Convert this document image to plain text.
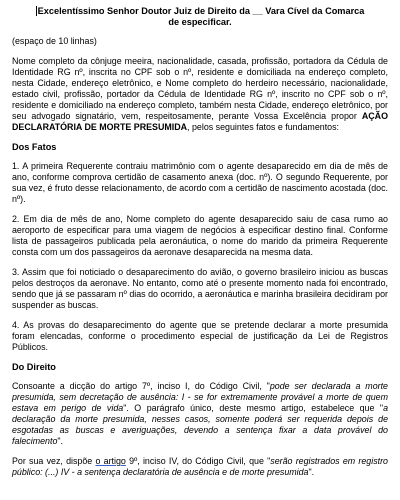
Excelentíssimo Senhor Doutor Juiz de Direito da __ Vara Cível da Comarca
de especificar.

(espaço de 10 linhas)

Nome completo da cônjuge meeira, nacionalidade, casada, profissão, portadora da Cédula de Identidade RG nº, inscrita no CPF sob o nº, residente e domiciliada na endereço completo, nesta Cidade, endereço eletrônico, e Nome completo do herdeiro necessário, nacionalidade, estado civil, profissão, portador da Cédula de Identidade RG nº, inscrito no CPF sob o nº, residente e domiciliado na endereço completo, também nesta Cidade, endereço eletrônico, por seu advogado signatário, vem, respeitosamente, perante Vossa Excelência propor AÇÃO DECLARATÓRIA DE MORTE PRESUMIDA, pelos seguintes fatos e fundamentos:

Dos Fatos

1. A primeira Requerente contraiu matrimônio com o agente desaparecido em dia de mês de ano, conforme comprova certidão de casamento anexa (doc. nº). O segundo Requerente, por sua vez, é fruto desse relacionamento, de acordo com a certidão de nascimento acostada (doc. nº).

2. Em dia de mês de ano, Nome completo do agente desaparecido saiu de casa rumo ao aeroporto de especificar para uma viagem de negócios à especificar destino final. Conforme lista de passageiros publicada pela aeronáutica, o nome do marido da primeira Requerente consta com um dos passageiros da aeronave desaparecida na mesma data.

3. Assim que foi noticiado o desaparecimento do avião, o governo brasileiro iniciou as buscas pelos destroços da aeronave. No entanto, como até o presente momento nada foi encontrado, sendo que já se passaram nº dias do ocorrido, a aeronáutica e marinha brasileira decidiram por suspender as buscas.

4. As provas do desaparecimento do agente que se pretende declarar a morte presumida foram elencadas, conforme o procedimento especial de justificação da Lei de Registros Públicos.

Do Direito

Consoante a dicção do artigo 7º, inciso I, do Código Civil, "pode ser declarada a morte presumida, sem decretação de ausência: I - se for extremamente provável a morte de quem estava em perigo de vida". O parágrafo único, deste mesmo artigo, estabelece que "a declaração da morte presumida, nesses casos, somente poderá ser requerida depois de esgotadas as buscas e averiguações, devendo a sentença fixar a data provável do falecimento".

Por sua vez, dispõe o artigo 9º, inciso IV, do Código Civil, que "serão registrados em registro público: (...) IV - a sentença declaratória de ausência e de morte presumida".
